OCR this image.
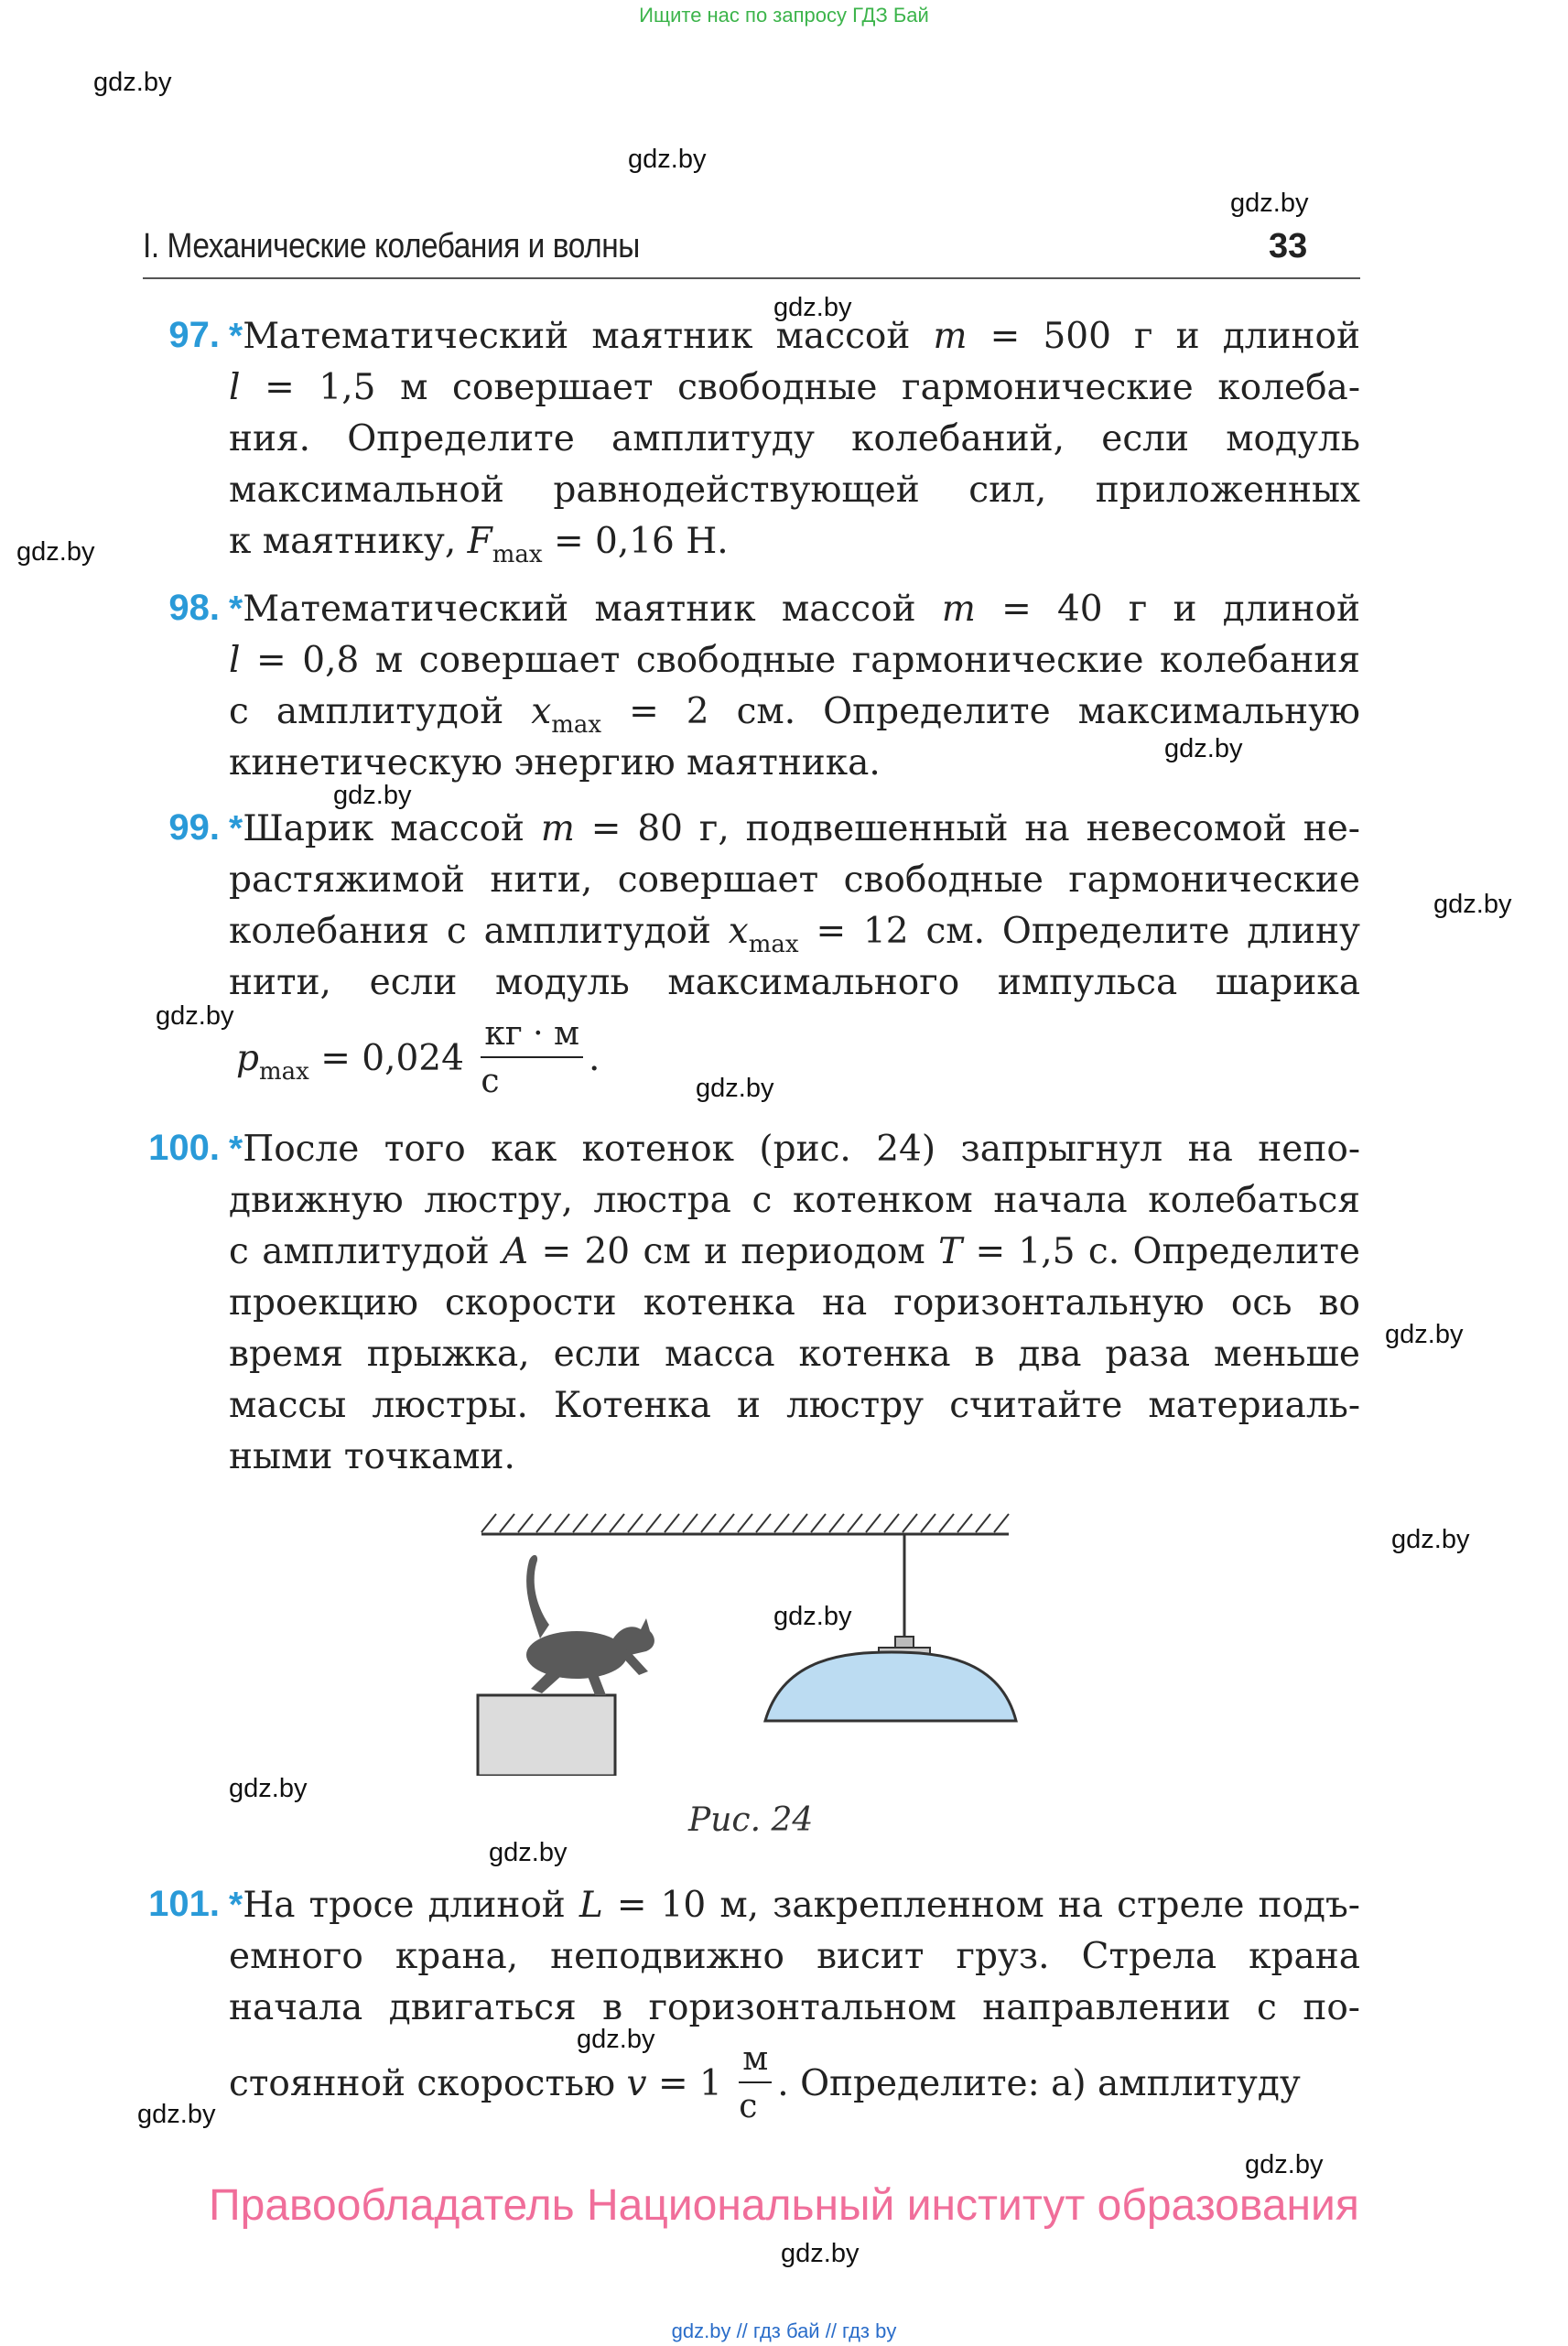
Ищите нас по запросу ГДЗ Бай
gdz.by
gdz.by
gdz.by
gdz.by
gdz.by
gdz.by
gdz.by
gdz.by
gdz.by
gdz.by
gdz.by
gdz.by
gdz.by
gdz.by
gdz.by
gdz.by
gdz.by
gdz.by
gdz.by
I. Механические колебания и волны	33
97. *Математический маятник массой m = 500 г и длиной
l = 1,5 м совершает свободные гармонические колеба-
ния. Определите амплитуду колебаний, если модуль
максимальной равнодействующей сил, приложенных
к маятнику, $F_{max} = 0,16$ Н.
98. *Математический маятник массой m = 40 г и длиной
l = 0,8 м совершает свободные гармонические колебания
с амплитудой $x_{max} = 2$ см. Определите максимальную
кинетическую энергию маятника.
99. *Шарик массой m = 80 г, подвешенный на невесомой не-
растяжимой нити, совершает свободные гармонические
колебания с амплитудой $x_{max} = 12$ см. Определите длину
нити, если модуль максимального импульса шарика
$p_{max} = 0,024 \frac{кг \cdot м}{с}$ .
100. *После того как котенок (рис. 24) запрыгнул на непо-
движную люстру, люстра с котенком начала колебаться
с амплитудой A = 20 см и периодом T = 1,5 с. Определите
проекцию скорости котенка на горизонтальную ось во
время прыжка, если масса котенка в два раза меньше
массы люстры. Котенка и люстру считайте материаль-
ными точками.
Рис. 24
101. *На тросе длиной L = 10 м, закрепленном на стреле подъ-
емного крана, неподвижно висит груз. Стрела крана
начала двигаться в горизонтальном направлении с по-
стоянной скоростью $v = 1 \frac{м}{с}$ . Определите: а) амплитуду
Правообладатель Национальный институт образования
gdz.by // гдз бай // гдз by
